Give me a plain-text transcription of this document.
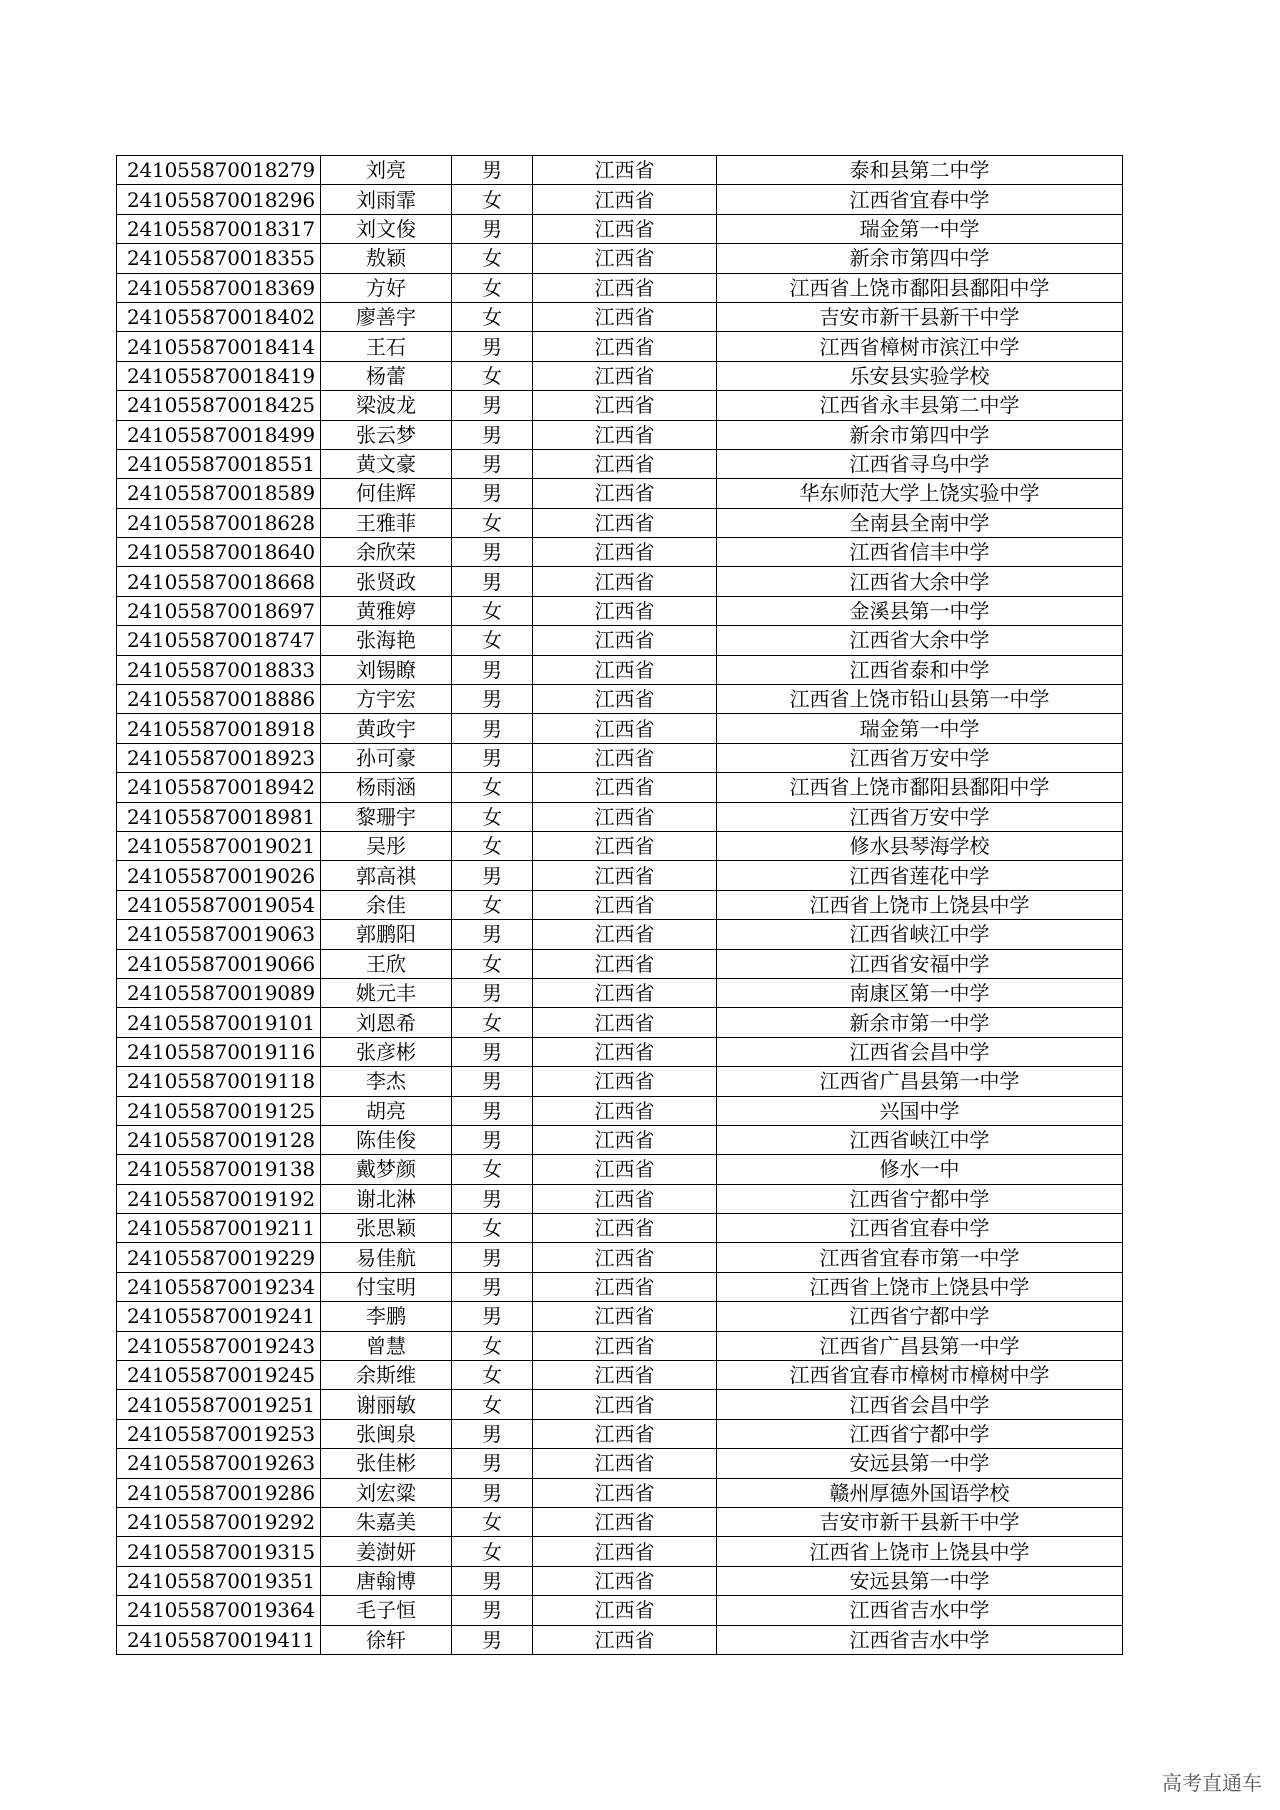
241055870018279	刘亮	男	江西省	泰和县第二中学
241055870018296	刘雨霏	女	江西省	江西省宜春中学
241055870018317	刘文俊	男	江西省	瑞金第一中学
241055870018355	敖颖	女	江西省	新余市第四中学
241055870018369	方好	女	江西省	江西省上饶市鄱阳县鄱阳中学
241055870018402	廖善宇	女	江西省	吉安市新干县新干中学
241055870018414	王石	男	江西省	江西省樟树市滨江中学
241055870018419	杨蕾	女	江西省	乐安县实验学校
241055870018425	梁波龙	男	江西省	江西省永丰县第二中学
241055870018499	张云梦	男	江西省	新余市第四中学
241055870018551	黄文豪	男	江西省	江西省寻乌中学
241055870018589	何佳辉	男	江西省	华东师范大学上饶实验中学
241055870018628	王雅菲	女	江西省	全南县全南中学
241055870018640	余欣荣	男	江西省	江西省信丰中学
241055870018668	张贤政	男	江西省	江西省大余中学
241055870018697	黄雅婷	女	江西省	金溪县第一中学
241055870018747	张海艳	女	江西省	江西省大余中学
241055870018833	刘锡瞭	男	江西省	江西省泰和中学
241055870018886	方宇宏	男	江西省	江西省上饶市铅山县第一中学
241055870018918	黄政宇	男	江西省	瑞金第一中学
241055870018923	孙可豪	男	江西省	江西省万安中学
241055870018942	杨雨涵	女	江西省	江西省上饶市鄱阳县鄱阳中学
241055870018981	黎珊宇	女	江西省	江西省万安中学
241055870019021	吴彤	女	江西省	修水县琴海学校
241055870019026	郭高祺	男	江西省	江西省莲花中学
241055870019054	余佳	女	江西省	江西省上饶市上饶县中学
241055870019063	郭鹏阳	男	江西省	江西省峡江中学
241055870019066	王欣	女	江西省	江西省安福中学
241055870019089	姚元丰	男	江西省	南康区第一中学
241055870019101	刘恩希	女	江西省	新余市第一中学
241055870019116	张彦彬	男	江西省	江西省会昌中学
241055870019118	李杰	男	江西省	江西省广昌县第一中学
241055870019125	胡亮	男	江西省	兴国中学
241055870019128	陈佳俊	男	江西省	江西省峡江中学
241055870019138	戴梦颜	女	江西省	修水一中
241055870019192	谢北淋	男	江西省	江西省宁都中学
241055870019211	张思颖	女	江西省	江西省宜春中学
241055870019229	易佳航	男	江西省	江西省宜春市第一中学
241055870019234	付宝明	男	江西省	江西省上饶市上饶县中学
241055870019241	李鹏	男	江西省	江西省宁都中学
241055870019243	曾慧	女	江西省	江西省广昌县第一中学
241055870019245	余斯维	女	江西省	江西省宜春市樟树市樟树中学
241055870019251	谢丽敏	女	江西省	江西省会昌中学
241055870019253	张闽泉	男	江西省	江西省宁都中学
241055870019263	张佳彬	男	江西省	安远县第一中学
241055870019286	刘宏粱	男	江西省	赣州厚德外国语学校
241055870019292	朱嘉美	女	江西省	吉安市新干县新干中学
241055870019315	姜澍妍	女	江西省	江西省上饶市上饶县中学
241055870019351	唐翰博	男	江西省	安远县第一中学
241055870019364	毛子恒	男	江西省	江西省吉水中学
241055870019411	徐轩	男	江西省	江西省吉水中学
高考直通车
